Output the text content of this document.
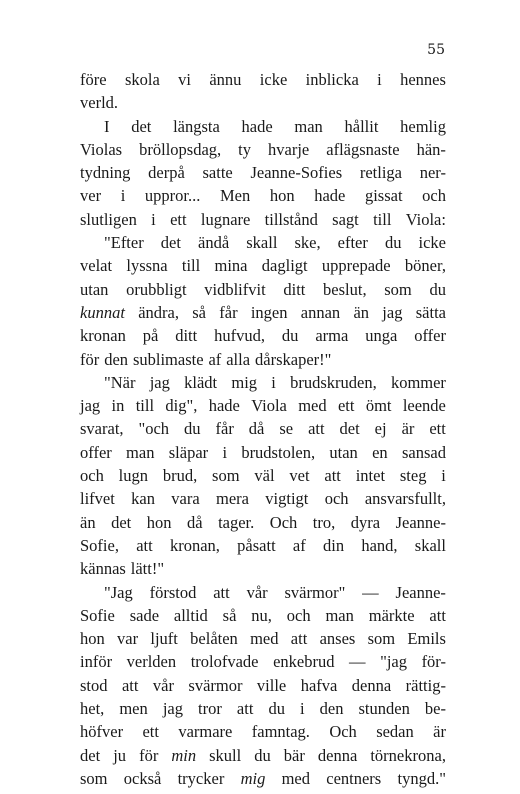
55
före skola vi ännu icke inblicka i hennes
verld.
I det längsta hade man hållit hemlig
Violas bröllopsdag, ty hvarje aflägsnaste hän-
tydning derpå satte Jeanne-Sofies retliga ner-
ver i uppror... Men hon hade gissat och
slutligen i ett lugnare tillstånd sagt till Viola:
"Efter det ändå skall ske, efter du icke
velat lyssna till mina dagligt upprepade böner,
utan orubbligt vidblifvit ditt beslut, som du
kunnat ändra, så får ingen annan än jag sätta
kronan på ditt hufvud, du arma unga offer
för den sublimaste af alla dårskaper!"
"När jag klädt mig i brudskruden, kommer
jag in till dig", hade Viola med ett ömt leende
svarat, "och du får då se att det ej är ett
offer man släpar i brudstolen, utan en sansad
och lugn brud, som väl vet att intet steg i
lifvet kan vara mera vigtigt och ansvarsfullt,
än det hon då tager. Och tro, dyra Jeanne-
Sofie, att kronan, påsatt af din hand, skall
kännas lätt!"
"Jag förstod att vår svärmor" — Jeanne-
Sofie sade alltid så nu, och man märkte att
hon var ljuft belåten med att anses som Emils
inför verlden trolofvade enkebrud — "jag för-
stod att vår svärmor ville hafva denna rättig-
het, men jag tror att du i den stunden be-
höfver ett varmare famntag. Och sedan är
det ju för min skull du bär denna törnekrona,
som också trycker mig med centners tyngd."
